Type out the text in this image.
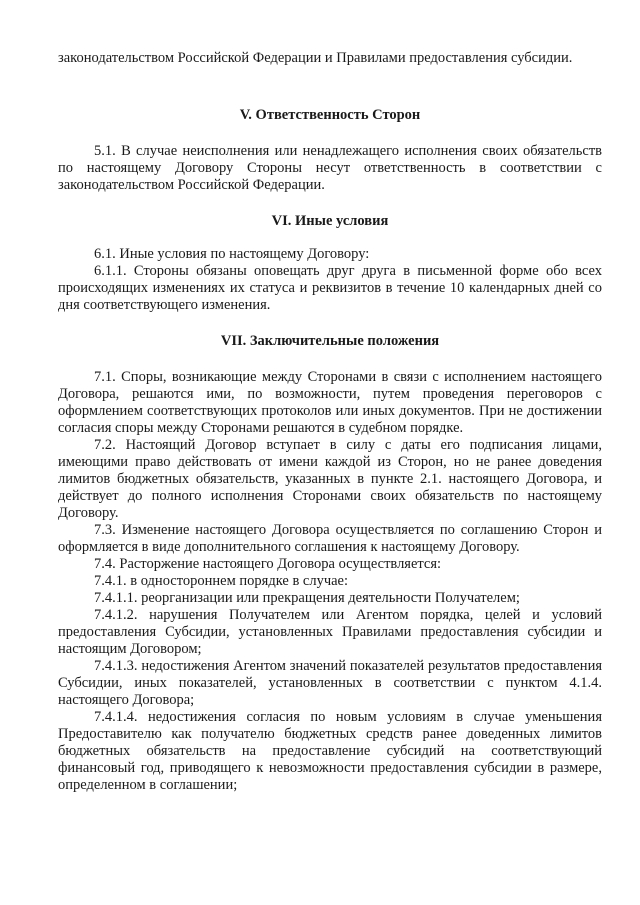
законодательством Российской Федерации и Правилами предоставления субсидии.

V. Ответственность Сторон

5.1. В случае неисполнения или ненадлежащего исполнения своих обязательств по настоящему Договору Стороны несут ответственность в соответствии с законодательством Российской Федерации.

VI. Иные условия

6.1. Иные условия по настоящему Договору:

6.1.1. Стороны обязаны оповещать друг друга в письменной форме обо всех происходящих изменениях их статуса и реквизитов в течение 10 календарных дней со дня соответствующего изменения.

VII. Заключительные положения

7.1. Споры, возникающие между Сторонами в связи с исполнением настоящего Договора, решаются ими, по возможности, путем проведения переговоров с оформлением соответствующих протоколов или иных документов. При не достижении согласия споры между Сторонами решаются в судебном порядке.

7.2. Настоящий Договор вступает в силу с даты его подписания лицами, имеющими право действовать от имени каждой из Сторон, но не ранее доведения лимитов бюджетных обязательств, указанных в пункте 2.1. настоящего Договора, и действует до полного исполнения Сторонами своих обязательств по настоящему Договору.

7.3. Изменение настоящего Договора осуществляется по соглашению Сторон и оформляется в виде дополнительного соглашения к настоящему Договору.

7.4. Расторжение настоящего Договора осуществляется:

7.4.1. в одностороннем порядке в случае:

7.4.1.1. реорганизации или прекращения деятельности Получателем;

7.4.1.2. нарушения Получателем или Агентом порядка, целей и условий предоставления Субсидии, установленных Правилами предоставления субсидии и настоящим Договором;

7.4.1.3. недостижения Агентом значений показателей результатов предоставления Субсидии, иных показателей, установленных в соответствии с пунктом 4.1.4. настоящего Договора;

7.4.1.4. недостижения согласия по новым условиям в случае уменьшения Предоставителю как получателю бюджетных средств ранее доведенных лимитов бюджетных обязательств на предоставление субсидий на соответствующий финансовый год, приводящего к невозможности предоставления субсидии в размере, определенном в соглашении;
